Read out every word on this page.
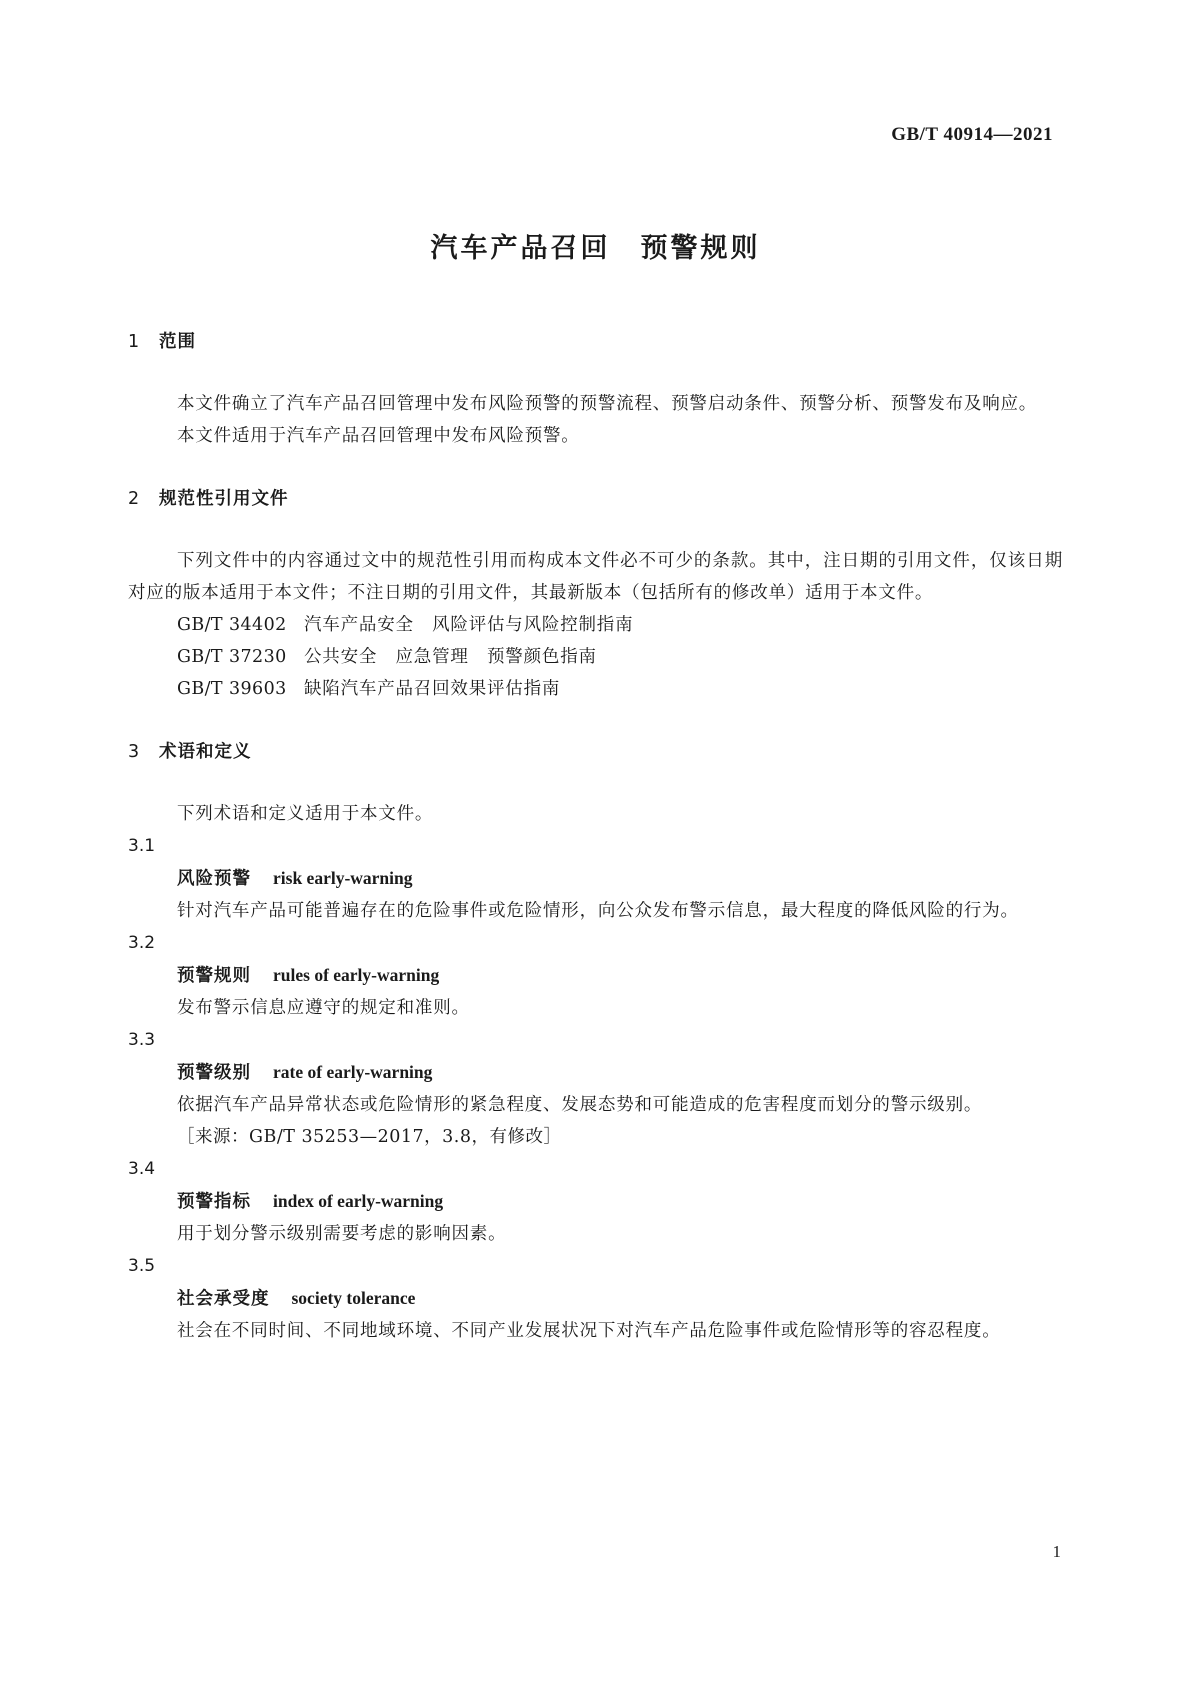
GB/T 40914—2021
汽车产品召回　预警规则
1 范围

本文件确立了汽车产品召回管理中发布风险预警的预警流程、预警启动条件、预警分析、预警发布及响应。

本文件适用于汽车产品召回管理中发布风险预警。

2 规范性引用文件

下列文件中的内容通过文中的规范性引用而构成本文件必不可少的条款。其中，注日期的引用文件，仅该日期对应的版本适用于本文件；不注日期的引用文件，其最新版本（包括所有的修改单）适用于本文件。

GB/T 34402 汽车产品安全　风险评估与风险控制指南
GB/T 37230 公共安全　应急管理　预警颜色指南
GB/T 39603 缺陷汽车产品召回效果评估指南
3 术语和定义

下列术语和定义适用于本文件。

3.1
风险预警 risk early-warning

针对汽车产品可能普遍存在的危险事件或危险情形，向公众发布警示信息，最大程度的降低风险的行为。

3.2
预警规则 rules of early-warning

发布警示信息应遵守的规定和准则。

3.3
预警级别 rate of early-warning

依据汽车产品异常状态或危险情形的紧急程度、发展态势和可能造成的危害程度而划分的警示级别。

［来源：GB/T 35253—2017，3.8，有修改］
3.4
预警指标 index of early-warning

用于划分警示级别需要考虑的影响因素。

3.5
社会承受度 society tolerance

社会在不同时间、不同地域环境、不同产业发展状况下对汽车产品危险事件或危险情形等的容忍程度。

1
